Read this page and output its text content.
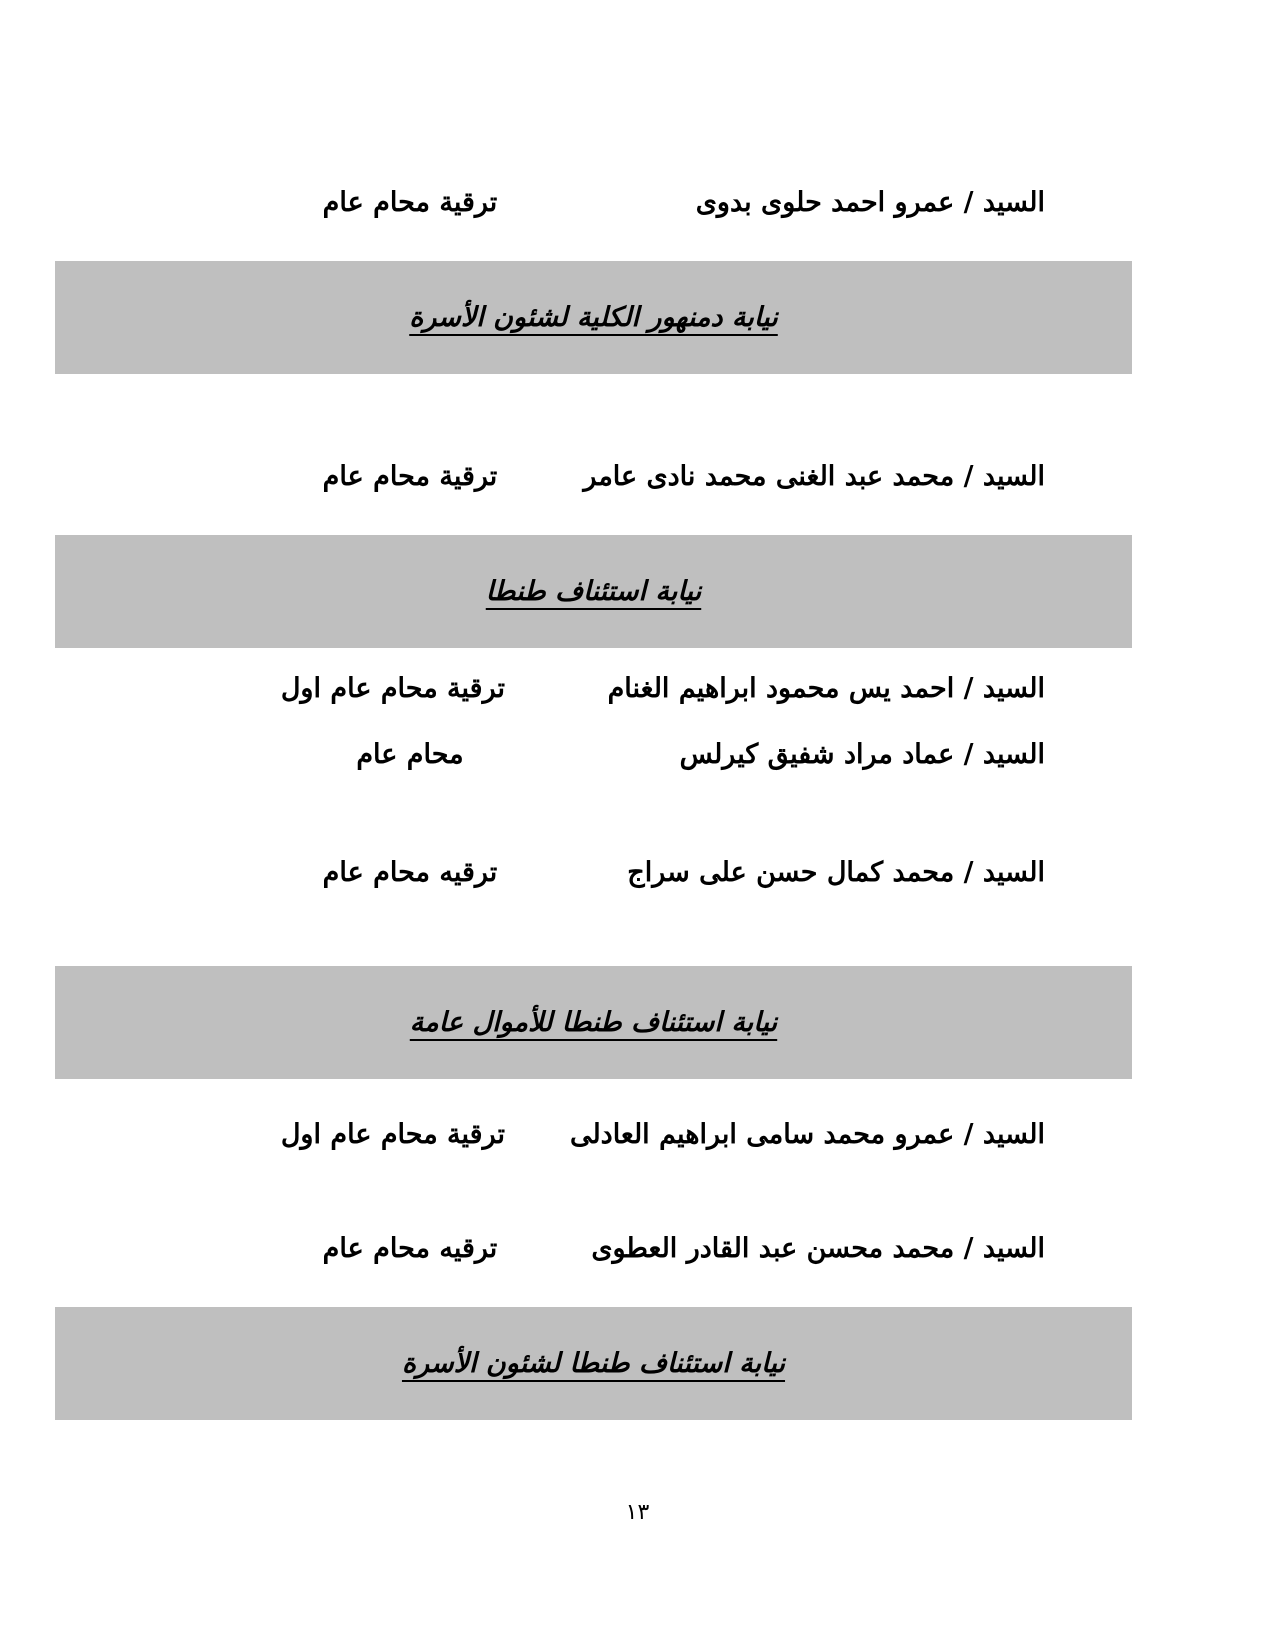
السيد / عمرو احمد حلوى بدوى
ترقية محام عام
نيابة دمنهور الكلية لشئون الأسرة
السيد / محمد عبد الغنى محمد نادى عامر
ترقية محام عام
نيابة استئناف طنطا
السيد / احمد يس محمود ابراهيم الغنام
ترقية محام عام اول
السيد / عماد مراد شفيق كيرلس
محام عام
السيد / محمد كمال حسن على سراج
ترقيه محام عام
نيابة استئناف طنطا للأموال عامة
السيد / عمرو محمد سامى ابراهيم العادلى
ترقية محام عام اول
السيد / محمد محسن عبد القادر العطوى
ترقيه محام عام
نيابة استئناف طنطا لشئون الأسرة
١٣
